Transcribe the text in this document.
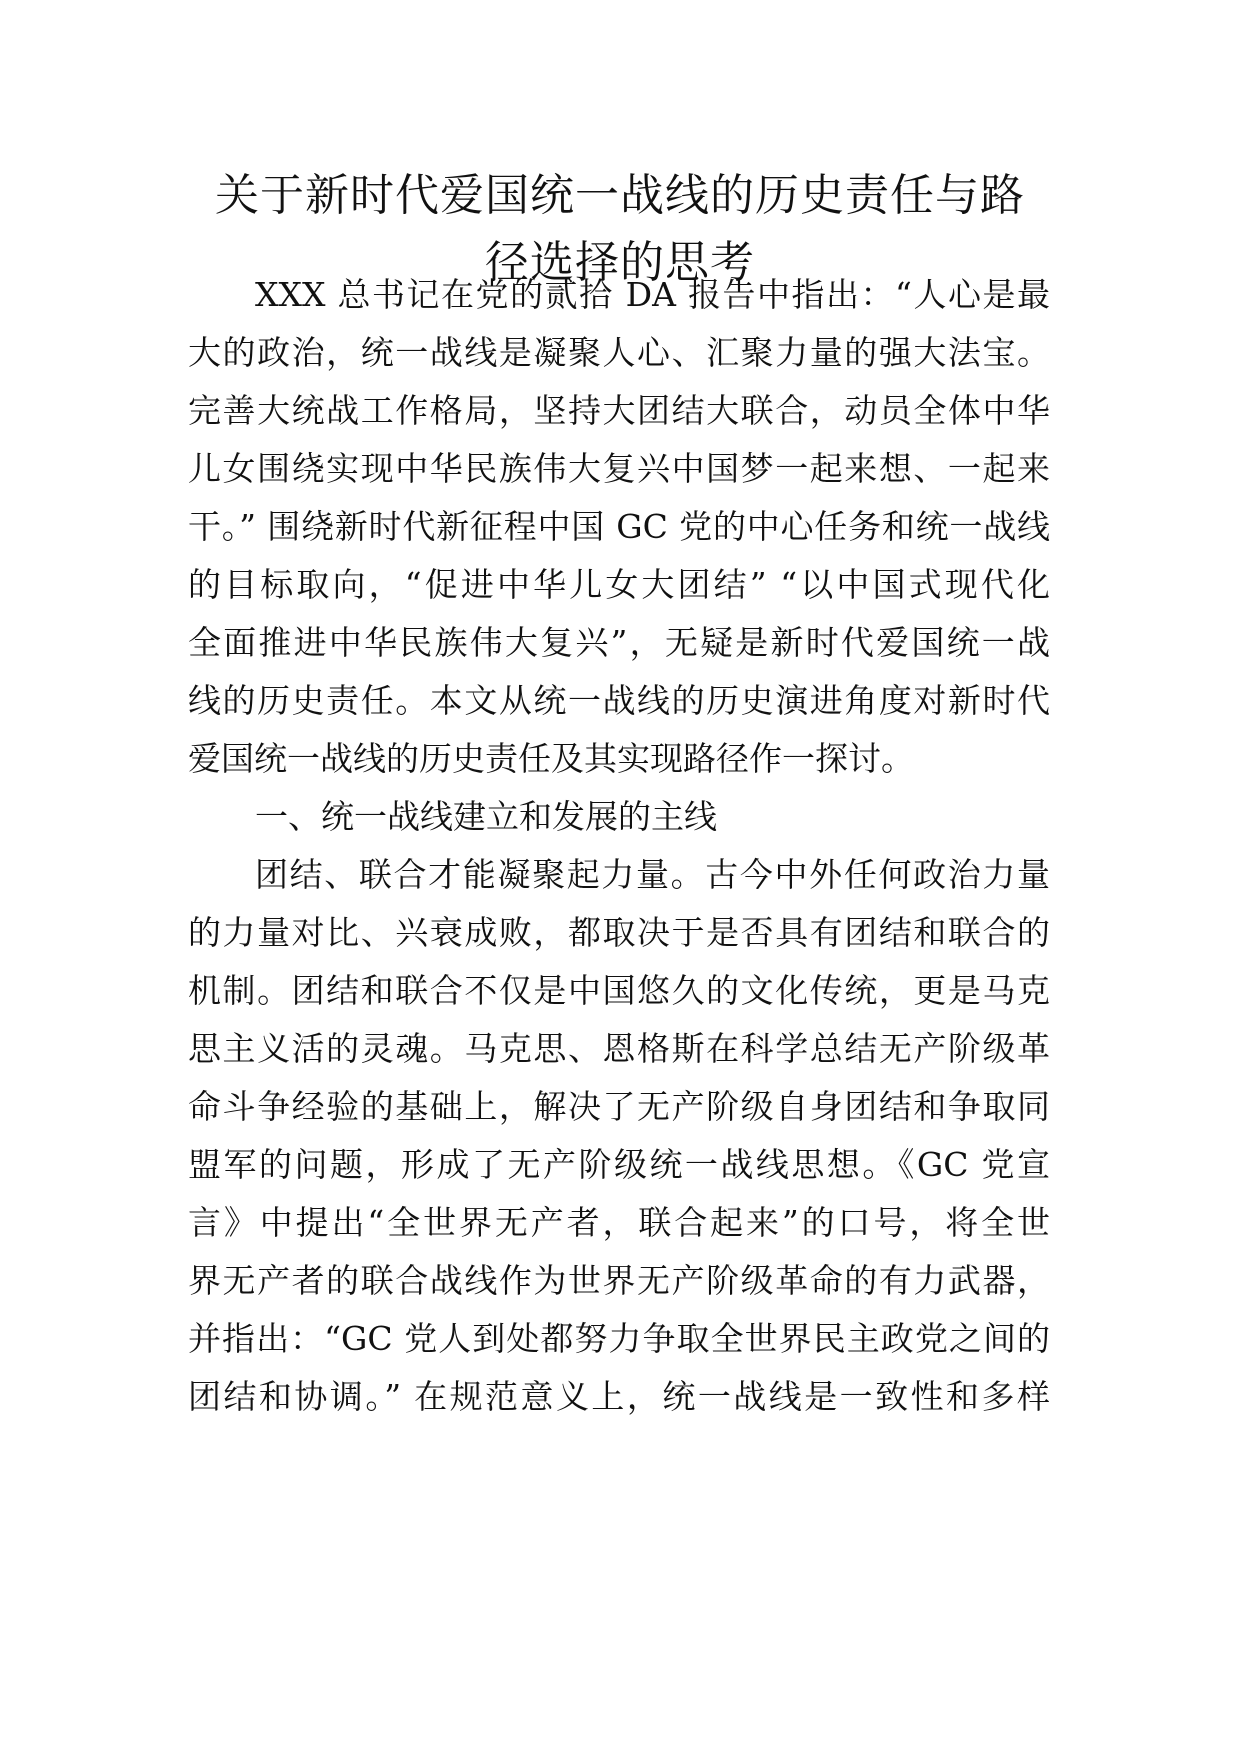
关于新时代爱国统一战线的历史责任与路
径选择的思考

XXX 总书记在党的贰拾 DA 报告中指出：“人心是最

大的政治，统一战线是凝聚人心、汇聚力量的强大法宝。

完善大统战工作格局，坚持大团结大联合，动员全体中华

儿女围绕实现中华民族伟大复兴中国梦一起来想、一起来

干。” 围绕新时代新征程中国 GC 党的中心任务和统一战线

的目标取向，“促进中华儿女大团结” “以中国式现代化

全面推进中华民族伟大复兴”，无疑是新时代爱国统一战

线的历史责任。本文从统一战线的历史演进角度对新时代

爱国统一战线的历史责任及其实现路径作一探讨。

一、统一战线建立和发展的主线

团结、联合才能凝聚起力量。古今中外任何政治力量

的力量对比、兴衰成败，都取决于是否具有团结和联合的

机制。团结和联合不仅是中国悠久的文化传统，更是马克

思主义活的灵魂。马克思、恩格斯在科学总结无产阶级革

命斗争经验的基础上，解决了无产阶级自身团结和争取同

盟军的问题，形成了无产阶级统一战线思想。《GC 党宣

言》中提出“全世界无产者，联合起来”的口号，将全世

界无产者的联合战线作为世界无产阶级革命的有力武器，

并指出：“GC 党人到处都努力争取全世界民主政党之间的

团结和协调。” 在规范意义上，统一战线是一致性和多样
